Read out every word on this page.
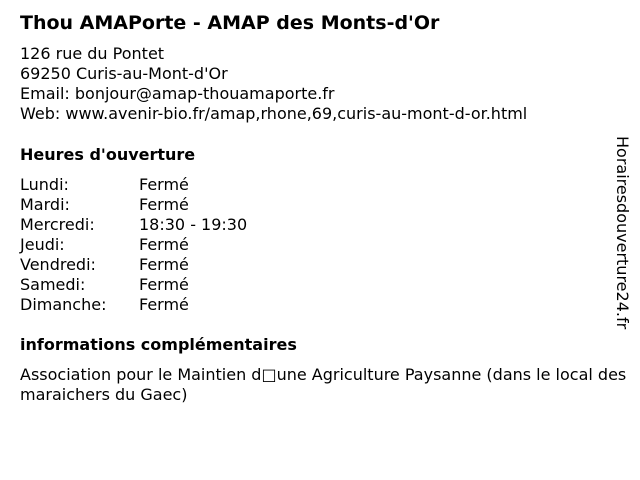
Thou AMAPorte - AMAP des Monts-d'Or
126 rue du Pontet
69250 Curis-au-Mont-d'Or
Email: bonjour@amap-thouamaporte.fr
Web: www.avenir-bio.fr/amap,rhone,69,curis-au-mont-d-or.html
Heures d'ouverture
Lundi:	Fermé
Mardi:	Fermé
Mercredi:	18:30 - 19:30
Jeudi:	Fermé
Vendredi:	Fermé
Samedi:	Fermé
Dimanche:	Fermé
informations complémentaires
Association pour le Maintien d□une Agriculture Paysanne (dans le local des maraichers du Gaec)
Horairesdouverture24.fr
